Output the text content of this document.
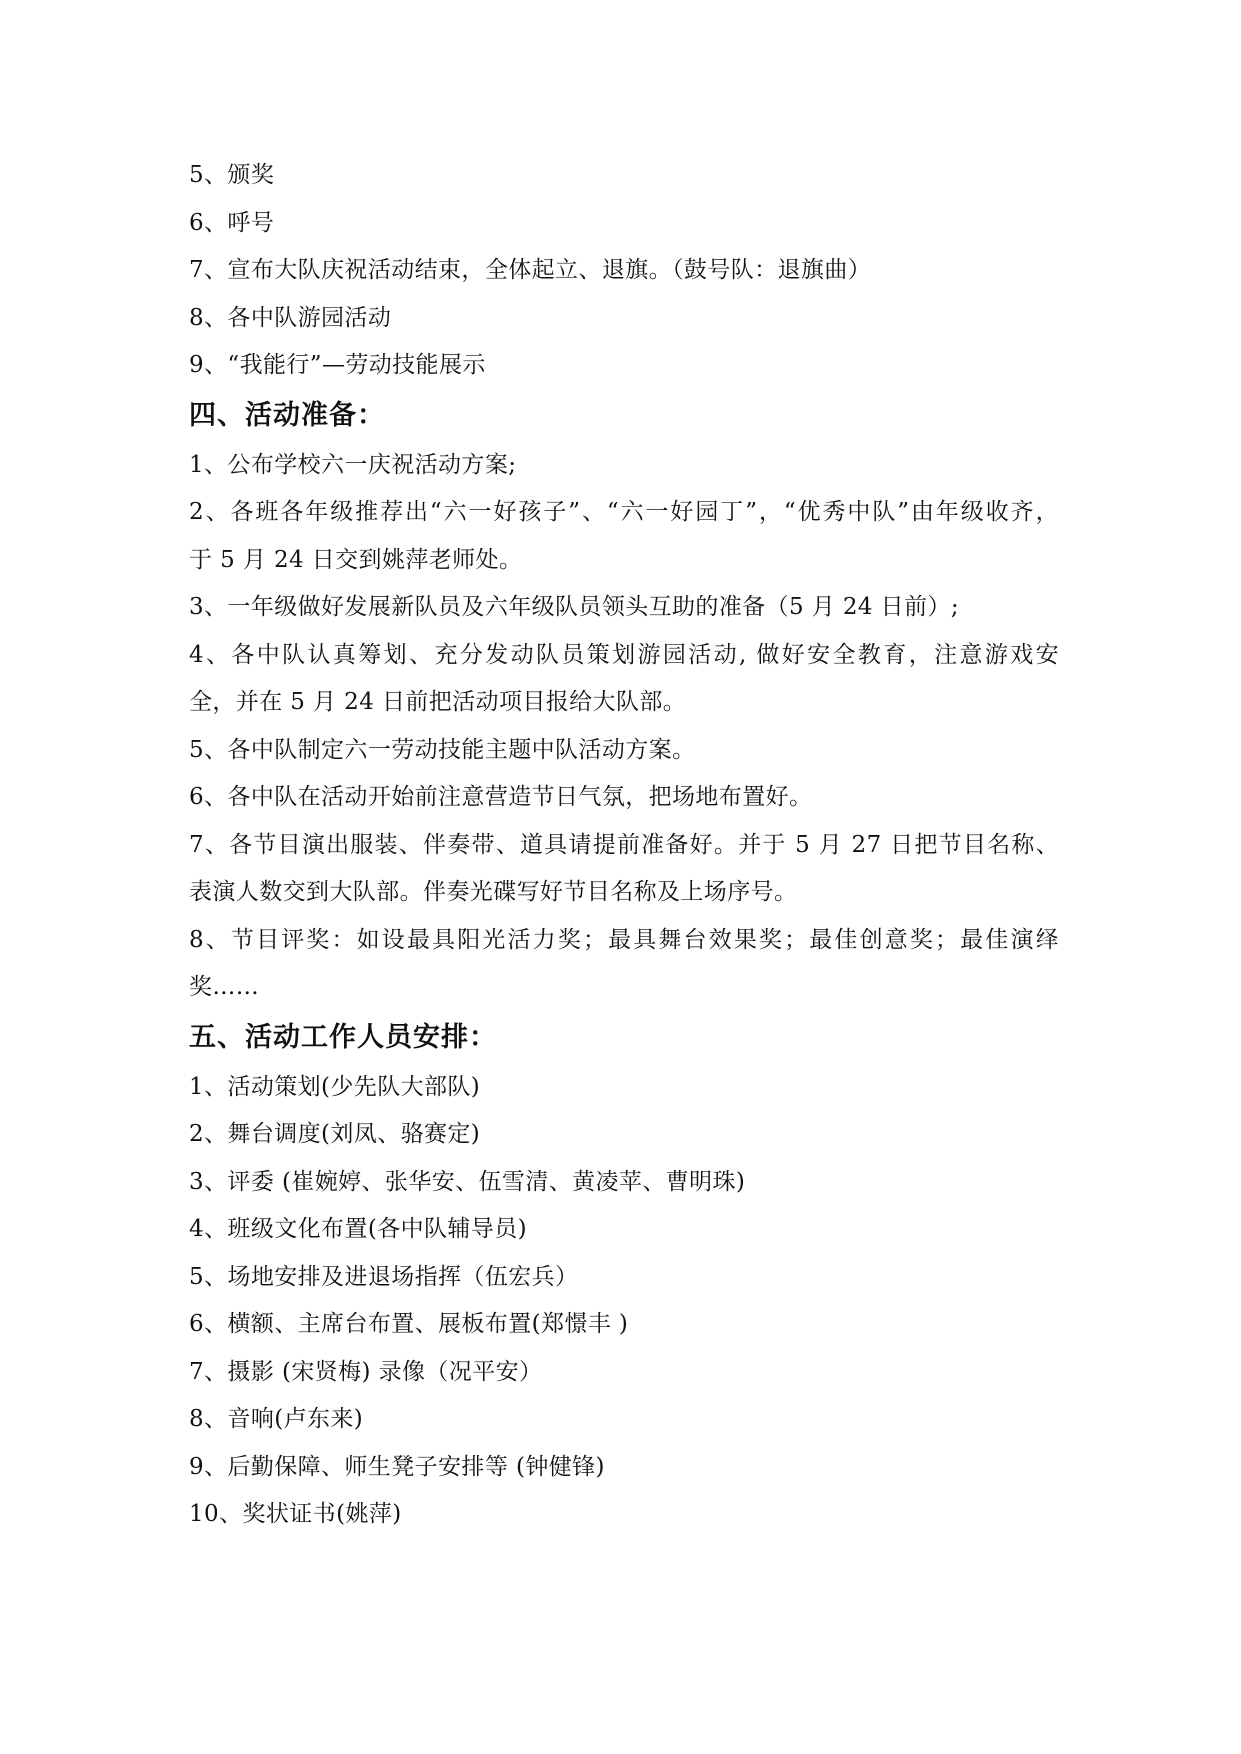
5、颁奖
6、呼号
7、宣布大队庆祝活动结束，全体起立、退旗。（鼓号队：退旗曲）
8、各中队游园活动
9、“我能行”—劳动技能展示
四、活动准备：
1、公布学校六一庆祝活动方案;
2、各班各年级推荐出“六一好孩子”、“六一好园丁”，“优秀中队”由年级收齐，
于 5 月 24 日交到姚萍老师处。
3、一年级做好发展新队员及六年级队员领头互助的准备（5 月 24 日前）;
4、各中队认真筹划、充分发动队员策划游园活动, 做好安全教育，注意游戏安
全，并在 5 月 24 日前把活动项目报给大队部。
5、各中队制定六一劳动技能主题中队活动方案。
6、各中队在活动开始前注意营造节日气氛，把场地布置好。
7、各节目演出服装、伴奏带、道具请提前准备好。并于 5 月 27 日把节目名称、
表演人数交到大队部。伴奏光碟写好节目名称及上场序号。
8、节目评奖：如设最具阳光活力奖；最具舞台效果奖；最佳创意奖；最佳演绎
奖……
五、活动工作人员安排：
1、活动策划(少先队大部队)
2、舞台调度(刘凤、骆赛定)
3、评委 (崔婉婷、张华安、伍雪清、黄凌苹、曹明珠)
4、班级文化布置(各中队辅导员)
5、场地安排及进退场指挥（伍宏兵）
6、横额、主席台布置、展板布置(郑憬丰 )
7、摄影 (宋贤梅) 录像（况平安）
8、音响(卢东来)
9、后勤保障、师生凳子安排等 (钟健锋)
10、奖状证书(姚萍)
